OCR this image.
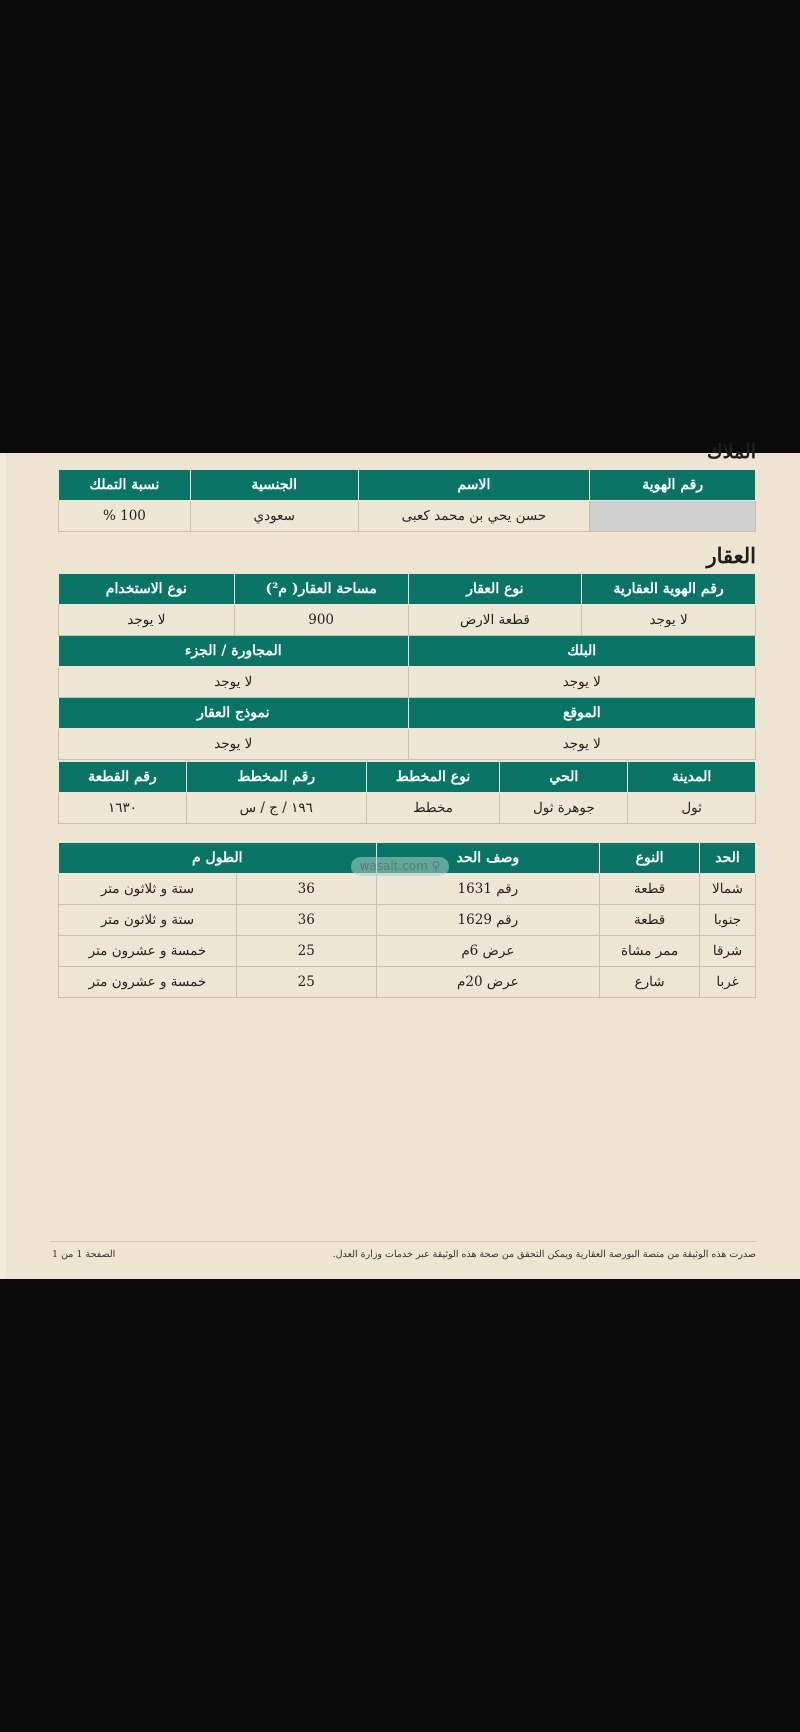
الملاك
رقم الهوية	الاسم	الجنسية	نسبة التملك
	حسن يحي بن محمد كعبى	سعودي	100 %
العقار
رقم الهوية العقارية	نوع العقار	مساحة العقار( م²)	نوع الاستخدام
لا يوجد	قطعة الارض	900	لا يوجد
البلك		المجاورة / الجزء	
لا يوجد		لا يوجد	
الموقع		نموذج العقار	
لا يوجد		لا يوجد	
المدينة	الحي	نوع المخطط	رقم المخطط	رقم القطعة
ثول	جوهرة ثول	مخطط	١٩٦ / ج / س	١٦٣٠
الحد	النوع	وصف الحد	الطول م	
شمالا	قطعة	رقم 1631	36	ستة و ثلاثون متر
جنوبا	قطعة	رقم 1629	36	ستة و ثلاثون متر
شرقا	ممر مشاة	عرض 6م	25	خمسة و عشرون متر
غربا	شارع	عرض 20م	25	خمسة و عشرون متر
صدرت هذه الوثيقة من منصة البورصة العقارية ويمكن التحقق من صحة هذه الوثيقة عبر خدمات وزارة العدل.
الصفحة 1 من 1
wasalt.com ⚲
